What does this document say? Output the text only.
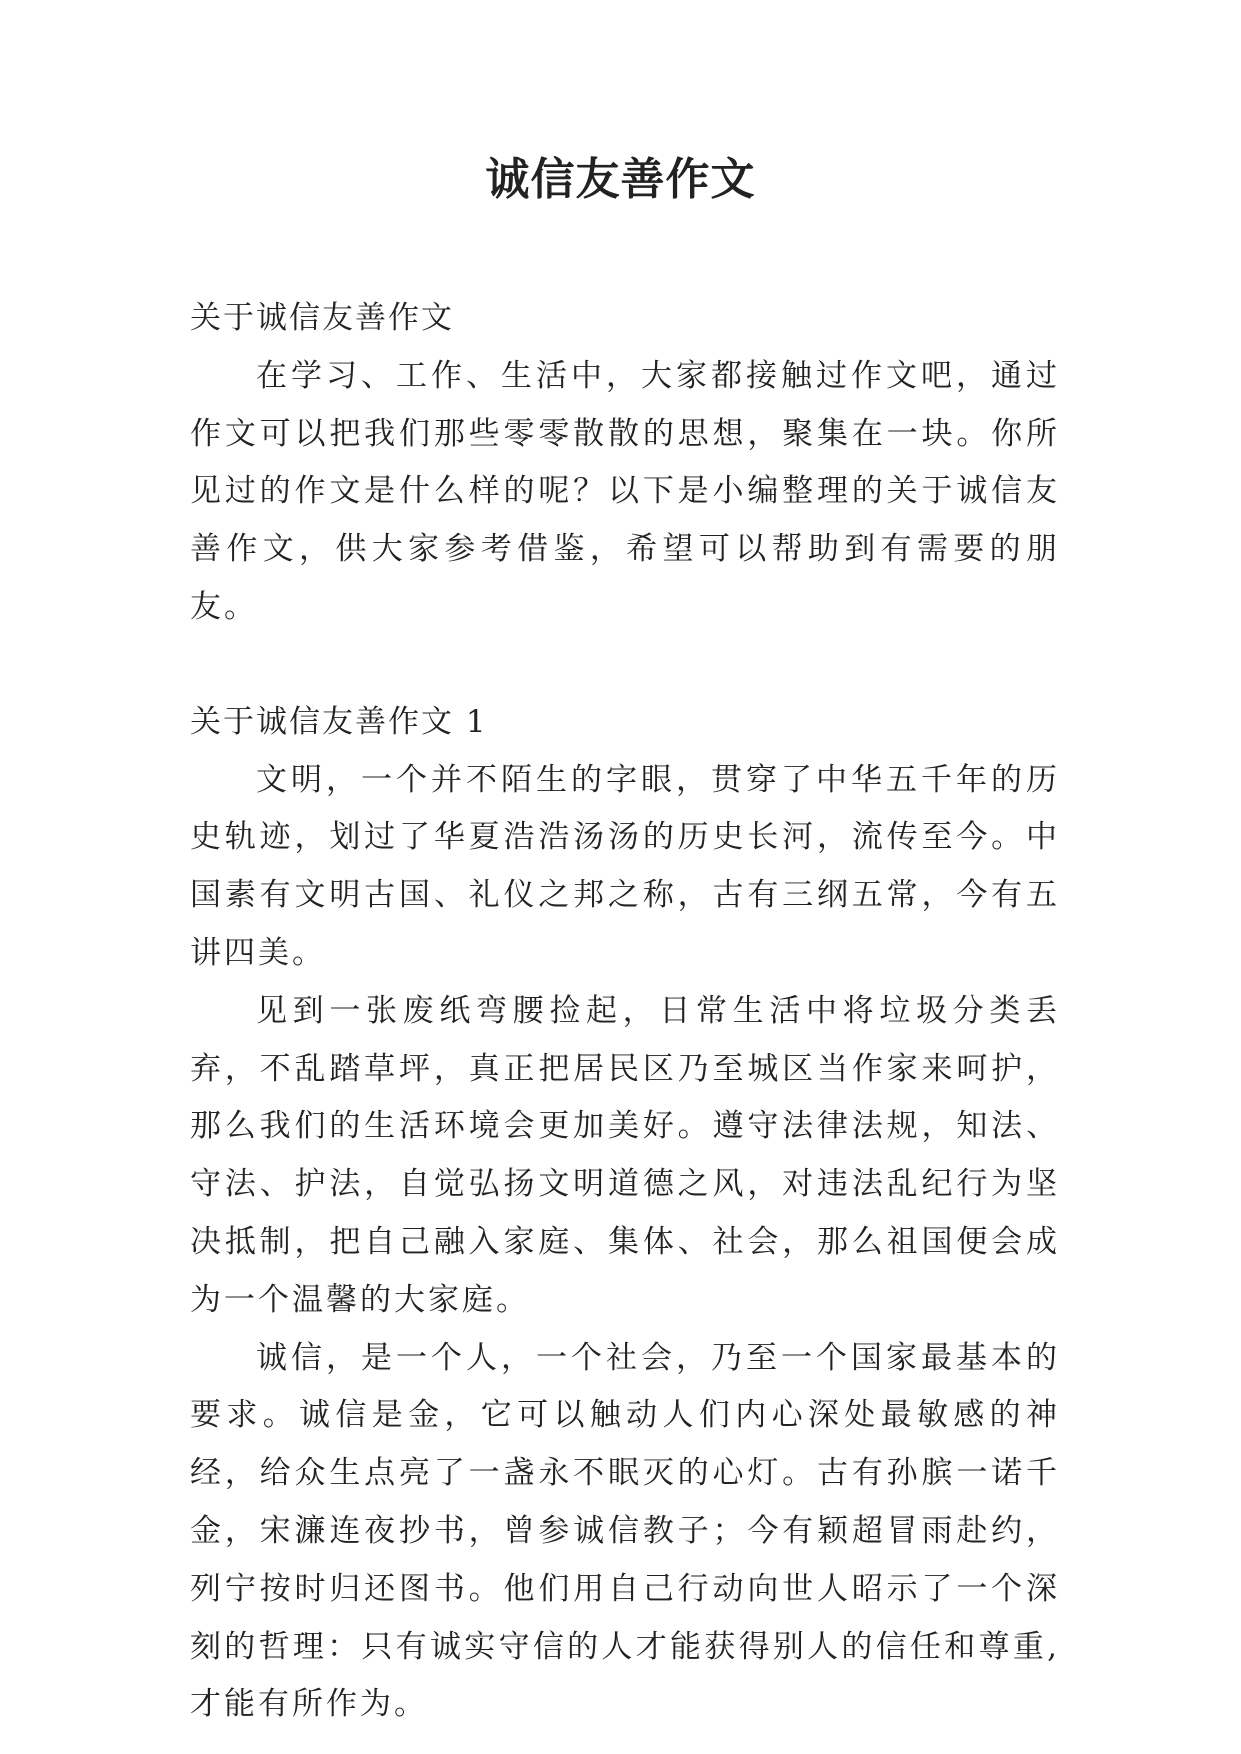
诚信友善作文

关于诚信友善作文

在学习、工作、生活中，大家都接触过作文吧，通过作文可以把我们那些零零散散的思想，聚集在一块。你所见过的作文是什么样的呢？以下是小编整理的关于诚信友善作文，供大家参考借鉴，希望可以帮助到有需要的朋友。

关于诚信友善作文 1

文明，一个并不陌生的字眼，贯穿了中华五千年的历史轨迹，划过了华夏浩浩汤汤的历史长河，流传至今。中国素有文明古国、礼仪之邦之称，古有三纲五常，今有五讲四美。

见到一张废纸弯腰捡起，日常生活中将垃圾分类丢弃，不乱踏草坪，真正把居民区乃至城区当作家来呵护，那么我们的生活环境会更加美好。遵守法律法规，知法、守法、护法，自觉弘扬文明道德之风，对违法乱纪行为坚决抵制，把自己融入家庭、集体、社会，那么祖国便会成为一个温馨的大家庭。

诚信，是一个人，一个社会，乃至一个国家最基本的要求。诚信是金，它可以触动人们内心深处最敏感的神经，给众生点亮了一盏永不眠灭的心灯。古有孙膑一诺千金，宋濂连夜抄书，曾参诚信教子；今有颖超冒雨赴约，列宁按时归还图书。他们用自己行动向世人昭示了一个深刻的哲理：只有诚实守信的人才能获得别人的信任和尊重,才能有所作为。
